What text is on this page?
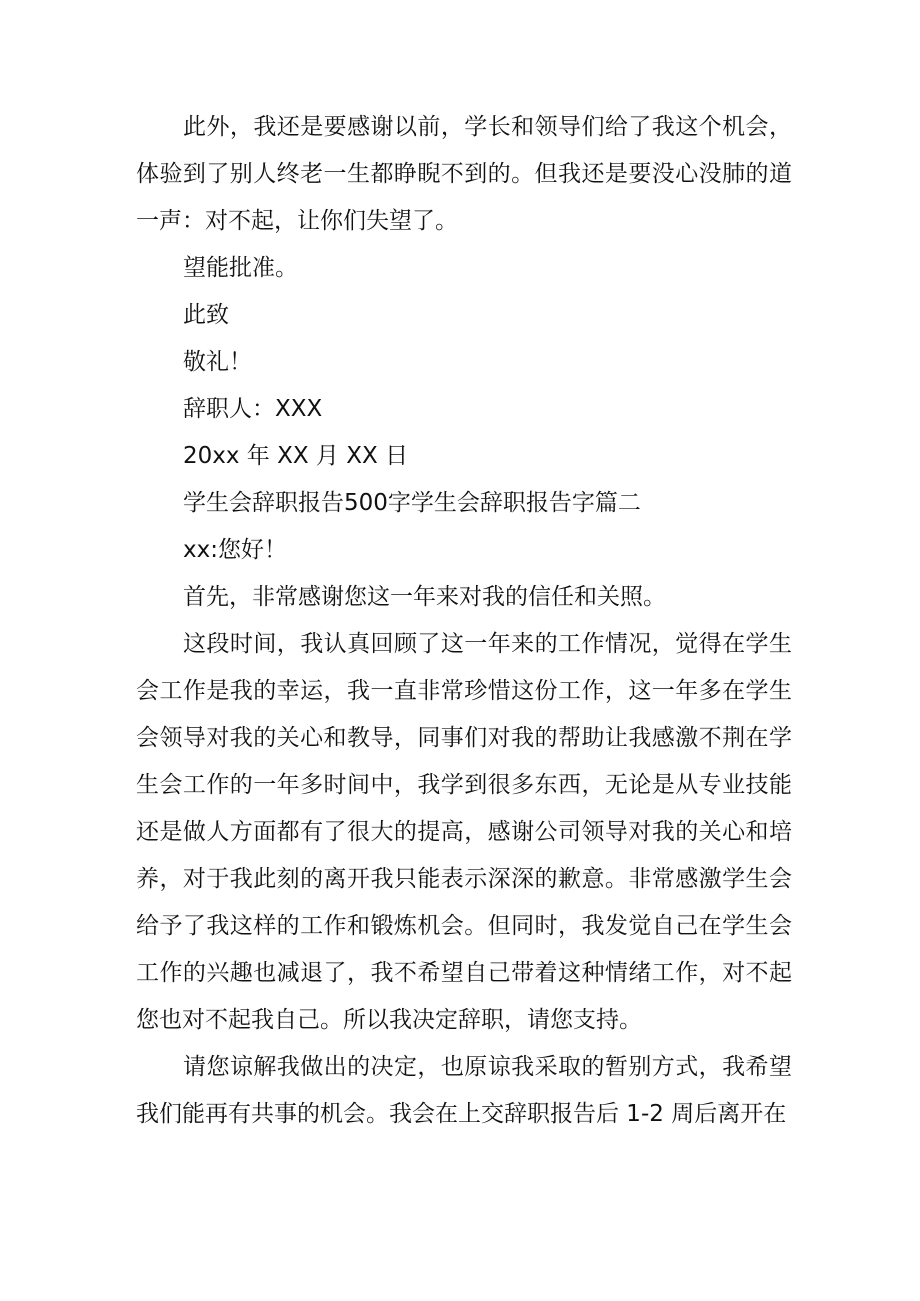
此外，我还是要感谢以前，学长和领导们给了我这个机会，体验到了别人终老一生都睁睨不到的。但我还是要没心没肺的道一声：对不起，让你们失望了。

望能批准。

此致

敬礼！

辞职人：XXX

20xx 年 XX 月 XX 日

学生会辞职报告500字学生会辞职报告字篇二

xx:您好！

首先，非常感谢您这一年来对我的信任和关照。

这段时间，我认真回顾了这一年来的工作情况，觉得在学生会工作是我的幸运，我一直非常珍惜这份工作，这一年多在学生会领导对我的关心和教导，同事们对我的帮助让我感激不荆在学生会工作的一年多时间中，我学到很多东西，无论是从专业技能还是做人方面都有了很大的提高，感谢公司领导对我的关心和培养，对于我此刻的离开我只能表示深深的歉意。非常感激学生会给予了我这样的工作和锻炼机会。但同时，我发觉自己在学生会工作的兴趣也减退了，我不希望自己带着这种情绪工作，对不起您也对不起我自己。所以我决定辞职，请您支持。

请您谅解我做出的决定，也原谅我采取的暂别方式，我希望我们能再有共事的机会。我会在上交辞职报告后 1-2 周后离开在
